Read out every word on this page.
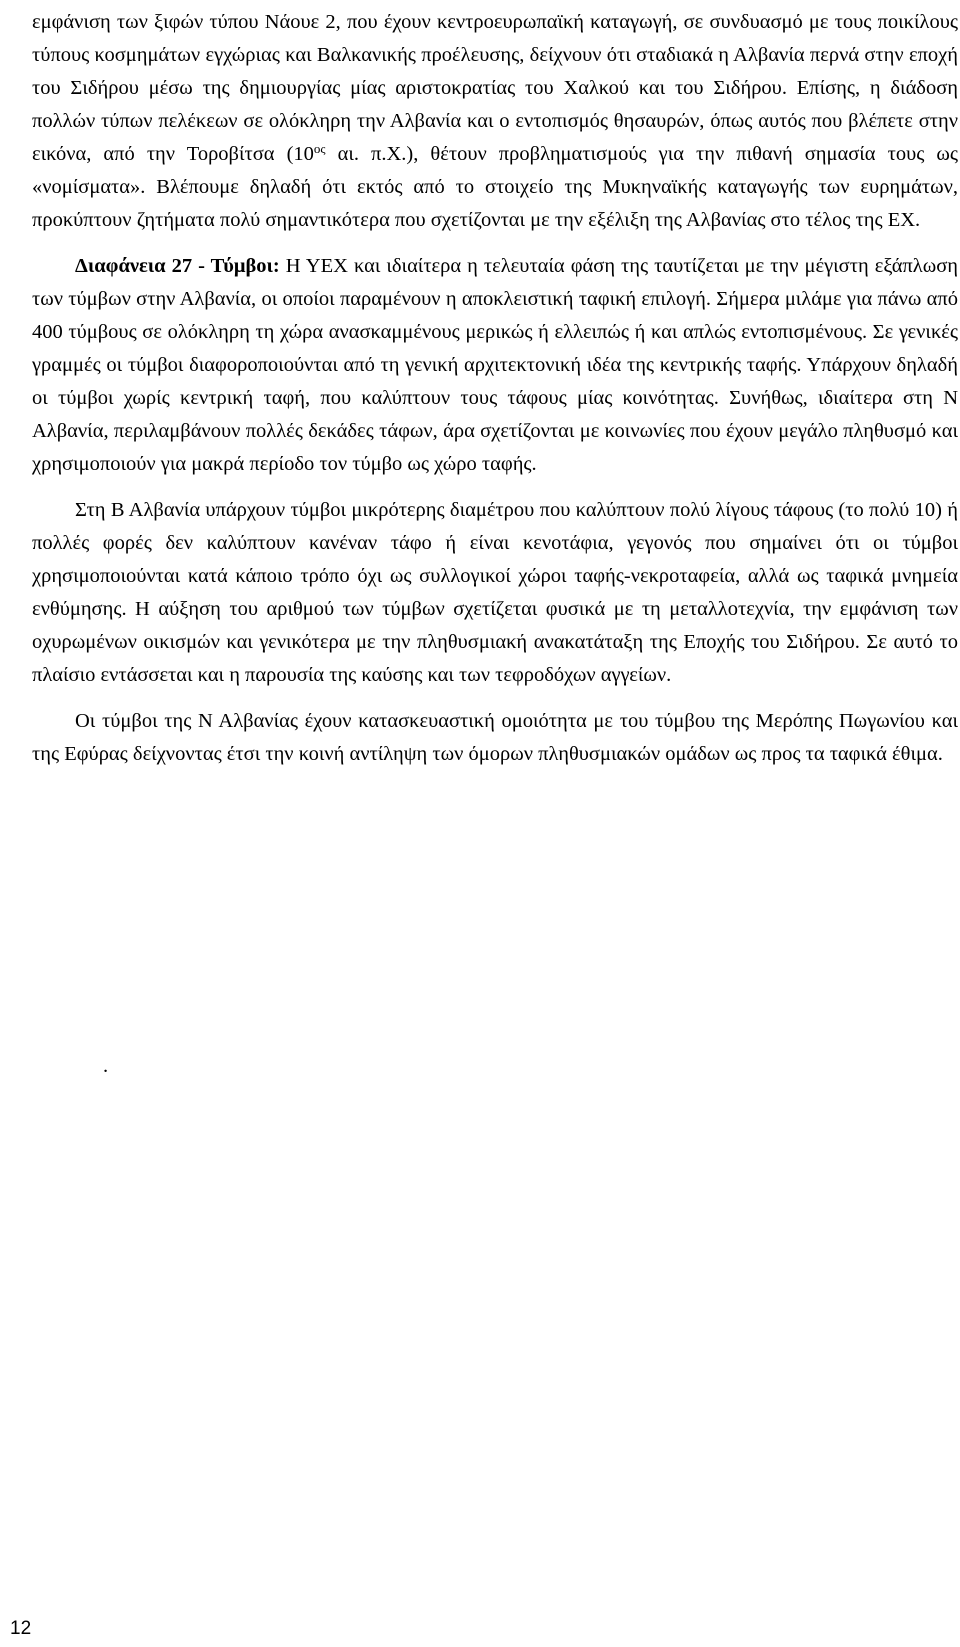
εμφάνιση των ξιφών τύπου Νάουε 2, που έχουν κεντροευρωπαϊκή καταγωγή, σε συνδυασμό με τους ποικίλους τύπους κοσμημάτων εγχώριας και Βαλκανικής προέλευσης, δείχνουν ότι σταδιακά η Αλβανία περνά στην εποχή του Σιδήρου μέσω της δημιουργίας μίας αριστοκρατίας του Χαλκού και του Σιδήρου. Επίσης, η διάδοση πολλών τύπων πελέκεων σε ολόκληρη την Αλβανία και ο εντοπισμός θησαυρών, όπως αυτός που βλέπετε στην εικόνα, από την Τοροβίτσα ($10^{o\varsigma}$ αι. π.Χ.), θέτουν προβληματισμούς για την πιθανή σημασία τους ως «νομίσματα». Βλέπουμε δηλαδή ότι εκτός από το στοιχείο της Μυκηναϊκής καταγωγής των ευρημάτων, προκύπτουν ζητήματα πολύ σημαντικότερα που σχετίζονται με την εξέλιξη της Αλβανίας στο τέλος της ΕΧ.

Διαφάνεια 27 - Τύμβοι: Η ΥΕΧ και ιδιαίτερα η τελευταία φάση της ταυτίζεται με την μέγιστη εξάπλωση των τύμβων στην Αλβανία, οι οποίοι παραμένουν η αποκλειστική ταφική επιλογή. Σήμερα μιλάμε για πάνω από 400 τύμβους σε ολόκληρη τη χώρα ανασκαμμένους μερικώς ή ελλειπώς ή και απλώς εντοπισμένους. Σε γενικές γραμμές οι τύμβοι διαφοροποιούνται από τη γενική αρχιτεκτονική ιδέα της κεντρικής ταφής. Υπάρχουν δηλαδή οι τύμβοι χωρίς κεντρική ταφή, που καλύπτουν τους τάφους μίας κοινότητας. Συνήθως, ιδιαίτερα στη Ν Αλβανία, περιλαμβάνουν πολλές δεκάδες τάφων, άρα σχετίζονται με κοινωνίες που έχουν μεγάλο πληθυσμό και χρησιμοποιούν για μακρά περίοδο τον τύμβο ως χώρο ταφής.

Στη Β Αλβανία υπάρχουν τύμβοι μικρότερης διαμέτρου που καλύπτουν πολύ λίγους τάφους (το πολύ 10) ή πολλές φορές δεν καλύπτουν κανέναν τάφο ή είναι κενοτάφια, γεγονός που σημαίνει ότι οι τύμβοι χρησιμοποιούνται κατά κάποιο τρόπο όχι ως συλλογικοί χώροι ταφής-νεκροταφεία, αλλά ως ταφικά μνημεία ενθύμησης. Η αύξηση του αριθμού των τύμβων σχετίζεται φυσικά με τη μεταλλοτεχνία, την εμφάνιση των οχυρωμένων οικισμών και γενικότερα με την πληθυσμιακή ανακατάταξη της Εποχής του Σιδήρου. Σε αυτό το πλαίσιο εντάσσεται και η παρουσία της καύσης και των τεφροδόχων αγγείων.

Οι τύμβοι της Ν Αλβανίας έχουν κατασκευαστική ομοιότητα με του τύμβου της Μερόπης Πωγωνίου και της Εφύρας δείχνοντας έτσι την κοινή αντίληψη των όμορων πληθυσμιακών ομάδων ως προς τα ταφικά έθιμα.

.
12
